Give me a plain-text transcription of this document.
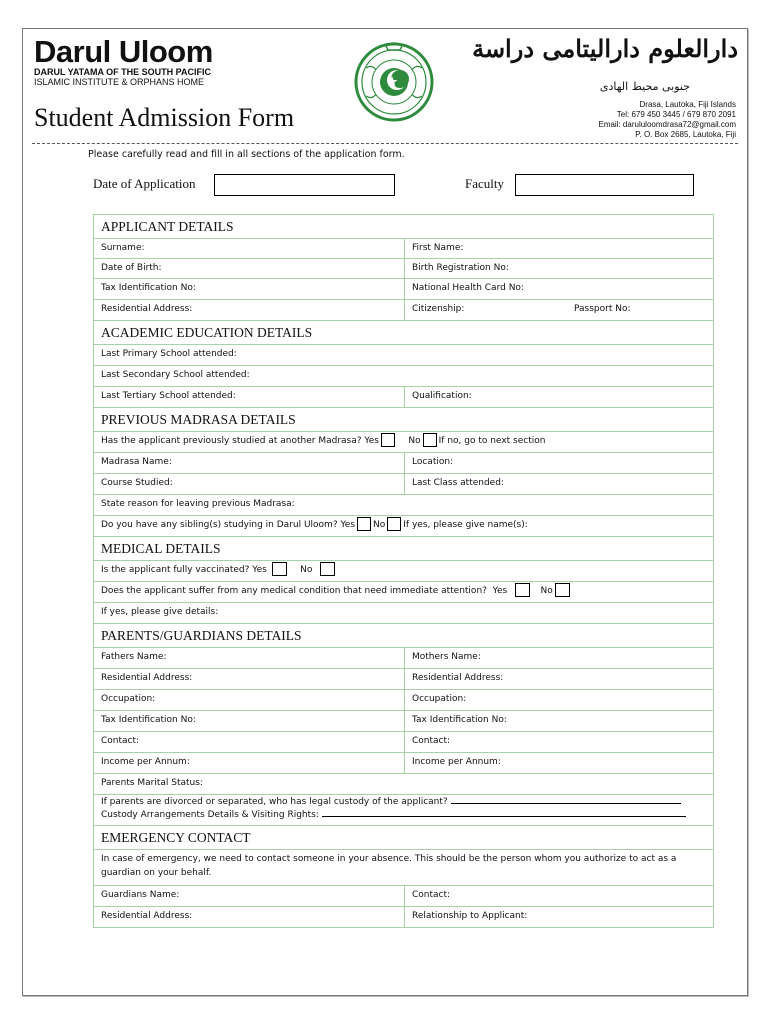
Darul Uloom
DARUL YATAMA OF THE SOUTH PACIFIC
ISLAMIC INSTITUTE & ORPHANS HOME
Student Admission Form
دارالعلوم دارالیتامی دراسة
جنوبی محیط الهادی
Drasa, Lautoka, Fiji Islands
Tel: 679 450 3445 / 679 870 2091
Email: darululoomdrasa72@gmail.com
P. O. Box 2685, Lautoka, Fiji
Please carefully read and fill in all sections of the application form.
Date of Application	Faculty
APPLICANT DETAILS
Surname:	First Name:
Date of Birth:	Birth Registration No:
Tax Identification No:	National Health Card No:
Residential Address:	Citizenship:	Passport No:
ACADEMIC EDUCATION DETAILS
Last Primary School attended:
Last Secondary School attended:
Last Tertiary School attended:	Qualification:
PREVIOUS MADRASA DETAILS
Has the applicant previously studied at another Madrasa? Yes	No If no, go to next section
Madrasa Name:	Location:
Course Studied:	Last Class attended:
State reason for leaving previous Madrasa:
Do you have any sibling(s) studying in Darul Uloom? Yes No If yes, please give name(s):
MEDICAL DETAILS
Is the applicant fully vaccinated? Yes	No
Does the applicant suffer from any medical condition that need immediate attention? Yes	No
If yes, please give details:
PARENTS/GUARDIANS DETAILS
Fathers Name:	Mothers Name:
Residential Address:	Residential Address:
Occupation:	Occupation:
Tax Identification No:	Tax Identification No:
Contact:	Contact:
Income per Annum:	Income per Annum:
Parents Marital Status:
If parents are divorced or separated, who has legal custody of the applicant?
Custody Arrangements Details & Visiting Rights:
EMERGENCY CONTACT
In case of emergency, we need to contact someone in your absence. This should be the person whom you authorize to act as a guardian on your behalf.
Guardians Name:	Contact:
Residential Address:	Relationship to Applicant:
